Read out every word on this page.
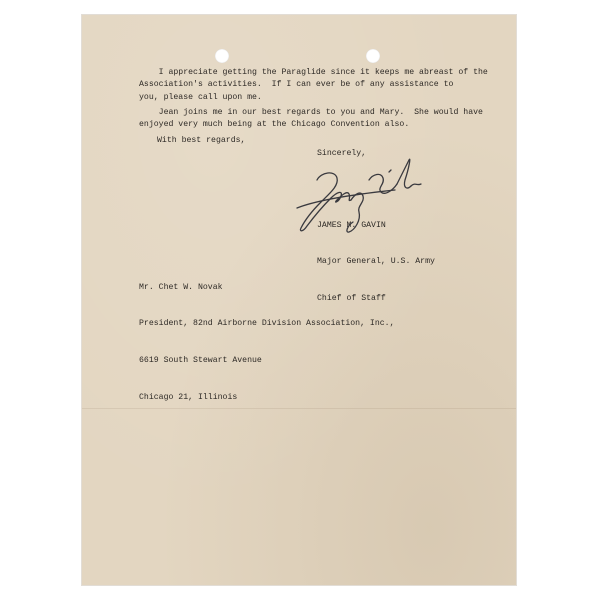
I appreciate getting the Paraglide since it keeps me abreast of the
Association's activities.  If I can ever be of any assistance to
you, please call upon me.

Jean joins me in our best regards to you and Mary.  She would have
enjoyed very much being at the Chicago Convention also.

With best regards,

Sincerely,

JAMES M. GAVIN

Major General, U.S. Army

Chief of Staff

Mr. Chet W. Novak

President, 82nd Airborne Division Association, Inc.,

6619 South Stewart Avenue

Chicago 21, Illinois
